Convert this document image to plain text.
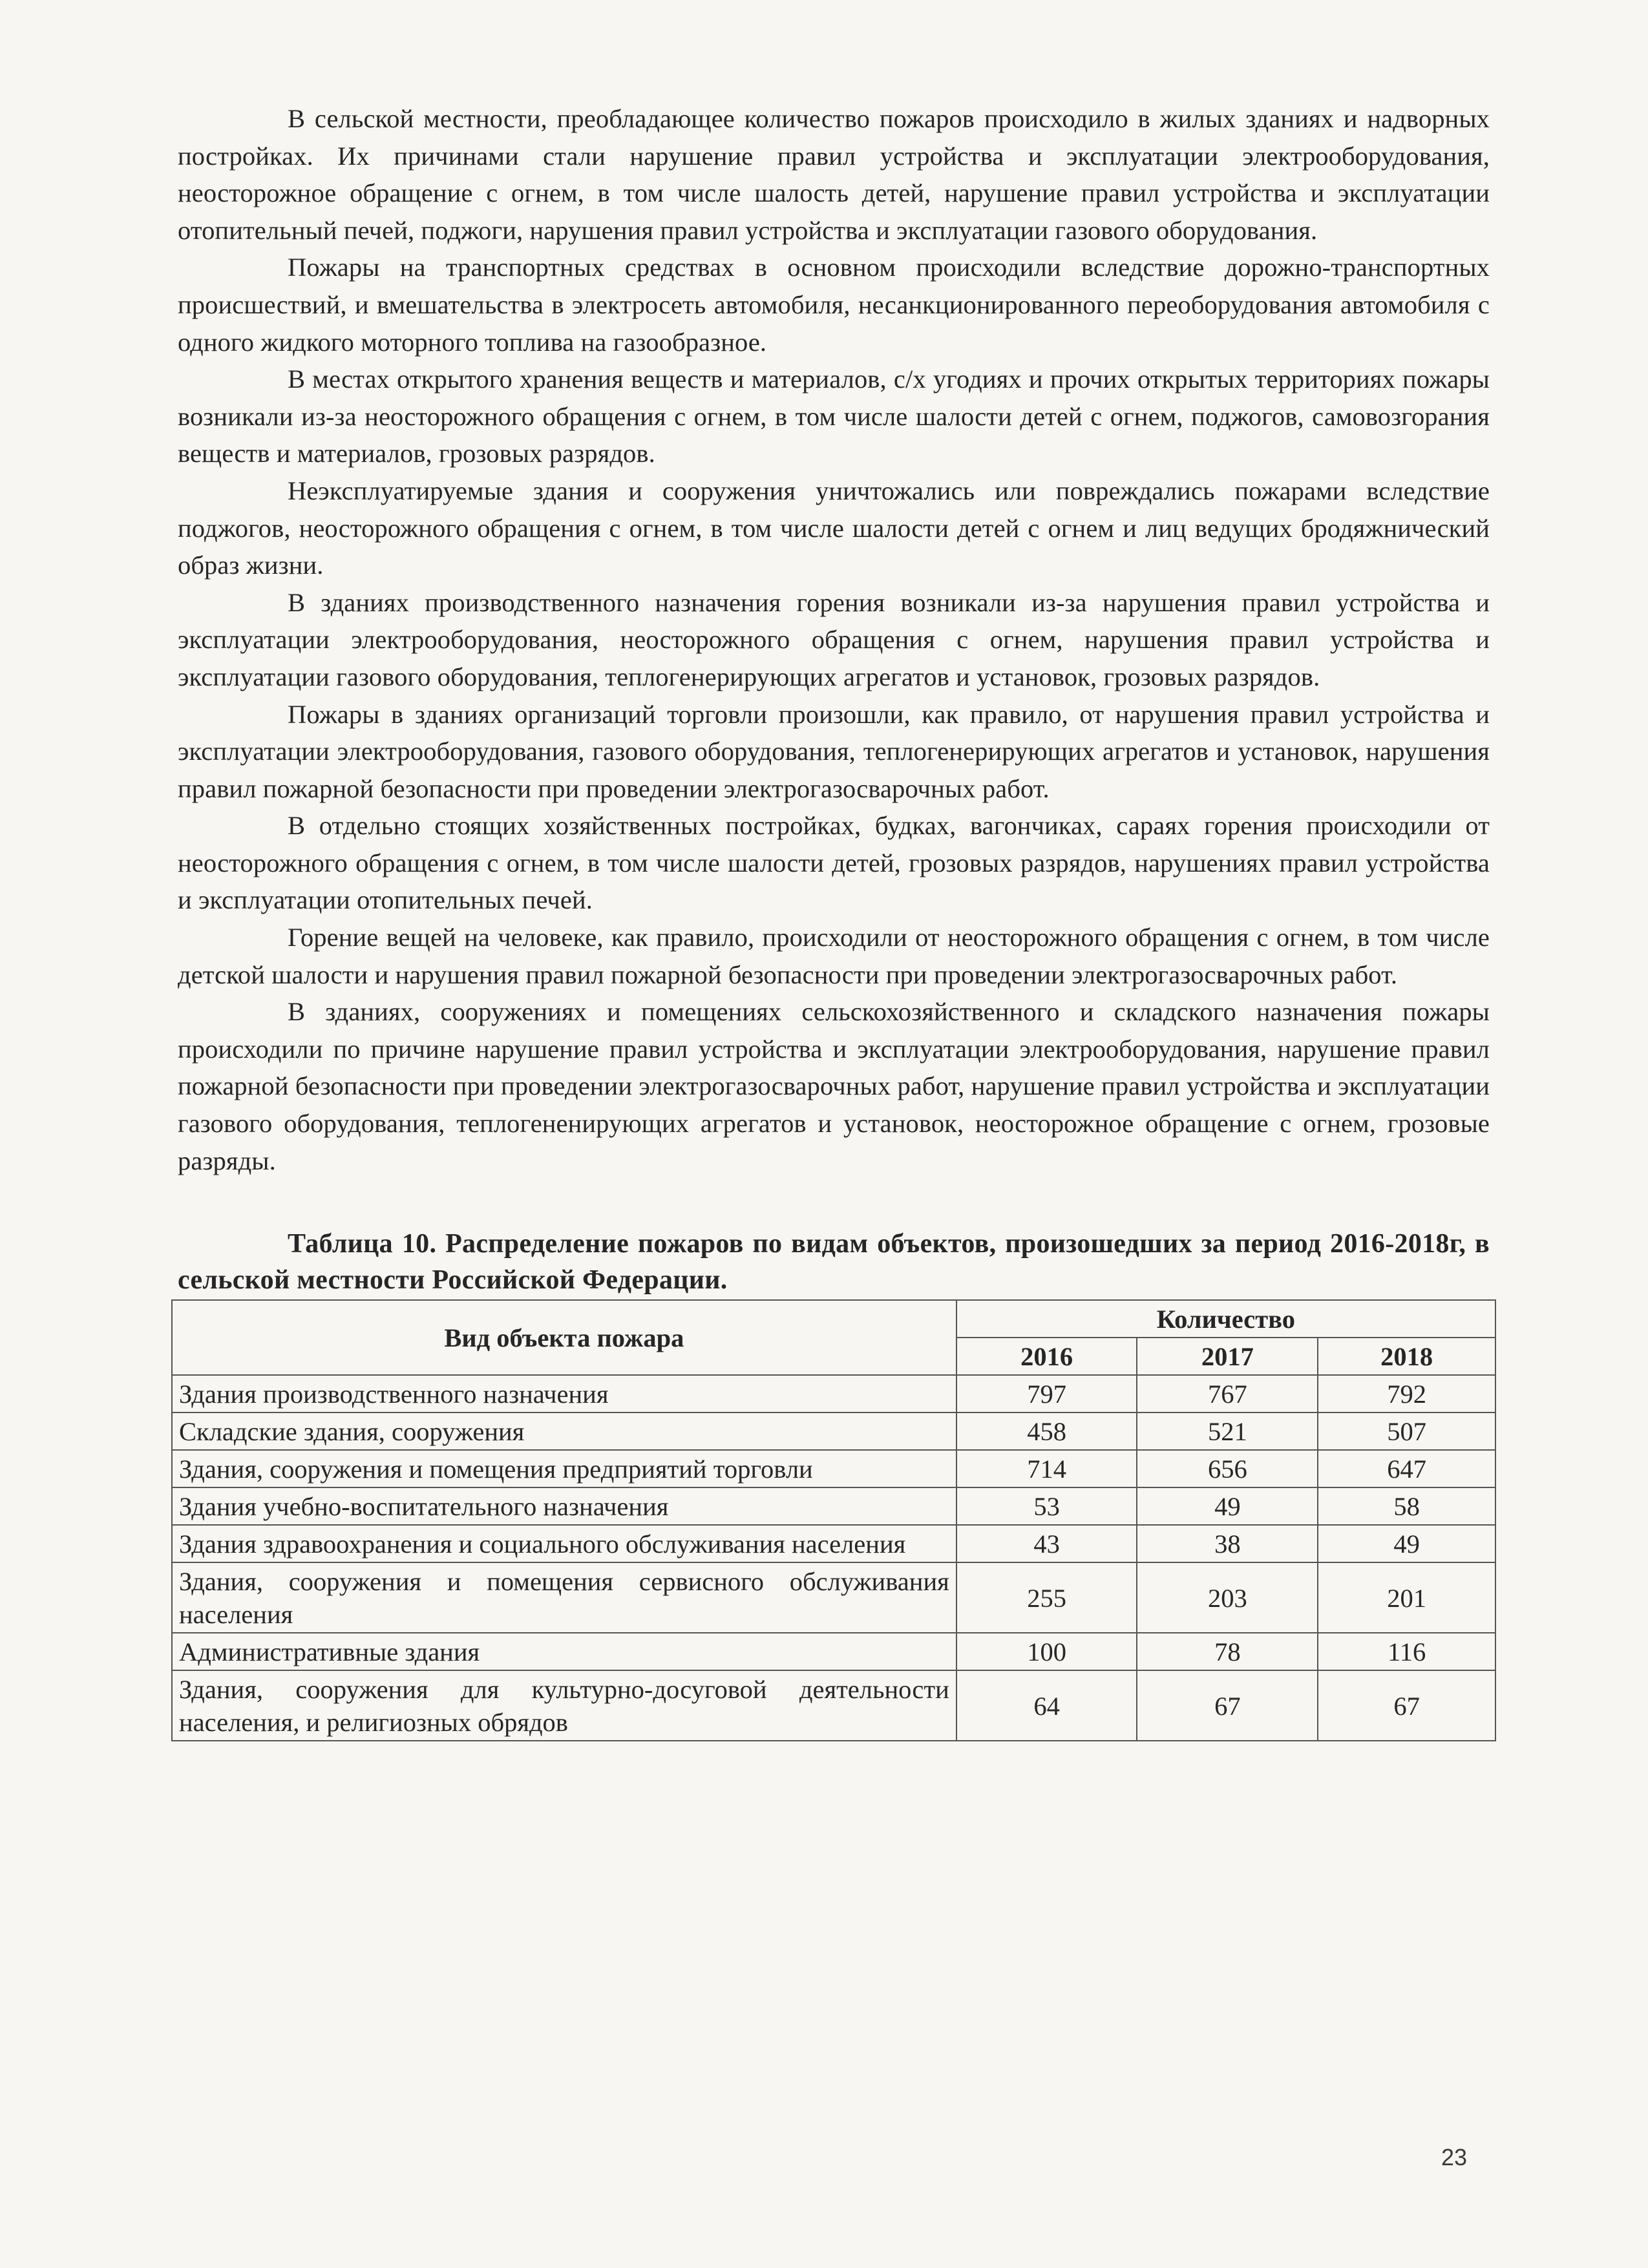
В сельской местности, преобладающее количество пожаров происходило в жилых зданиях и надворных постройках. Их причинами стали нарушение правил устройства и эксплуатации электрооборудования, неосторожное обращение с огнем, в том числе шалость детей, нарушение правил устройства и эксплуатации отопительный печей, поджоги, нарушения правил устройства и эксплуатации газового оборудования.

Пожары на транспортных средствах в основном происходили вследствие дорожно-транспортных происшествий, и вмешательства в электросеть автомобиля, несанкционированного переоборудования автомобиля с одного жидкого моторного топлива на газообразное.

В местах открытого хранения веществ и материалов, с/х угодиях и прочих открытых территориях пожары возникали из-за неосторожного обращения с огнем, в том числе шалости детей с огнем, поджогов, самовозгорания веществ и материалов, грозовых разрядов.

Неэксплуатируемые здания и сооружения уничтожались или повреждались пожарами вследствие поджогов, неосторожного обращения с огнем, в том числе шалости детей с огнем и лиц ведущих бродяжнический образ жизни.

В зданиях производственного назначения горения возникали из-за нарушения правил устройства и эксплуатации электрооборудования, неосторожного обращения с огнем, нарушения правил устройства и эксплуатации газового оборудования, теплогенерирующих агрегатов и установок, грозовых разрядов.

Пожары в зданиях организаций торговли произошли, как правило, от нарушения правил устройства и эксплуатации электрооборудования, газового оборудования, теплогенерирующих агрегатов и установок, нарушения правил пожарной безопасности при проведении электрогазосварочных работ.

В отдельно стоящих хозяйственных постройках, будках, вагончиках, сараях горения происходили от неосторожного обращения с огнем, в том числе шалости детей, грозовых разрядов, нарушениях правил устройства и эксплуатации отопительных печей.

Горение вещей на человеке, как правило, происходили от неосторожного обращения с огнем, в том числе детской шалости и нарушения правил пожарной безопасности при проведении электрогазосварочных работ.

В зданиях, сооружениях и помещениях сельскохозяйственного и складского назначения пожары происходили по причине нарушение правил устройства и эксплуатации электрооборудования, нарушение правил пожарной безопасности при проведении электрогазосварочных работ, нарушение правил устройства и эксплуатации газового оборудования, теплогененирующих агрегатов и установок, неосторожное обращение с огнем, грозовые разряды.

Таблица 10. Распределение пожаров по видам объектов, произошедших за период 2016-2018г, в сельской местности Российской Федерации.
Вид объекта пожара	Количество		
	2016	2017	2018
Здания производственного назначения	797	767	792
Складские здания, сооружения	458	521	507
Здания, сооружения и помещения предприятий торговли	714	656	647
Здания учебно-воспитательного назначения	53	49	58
Здания здравоохранения и социального обслуживания населения	43	38	49
Здания, сооружения и помещения сервисного обслуживания населения	255	203	201
Административные здания	100	78	116
Здания, сооружения для культурно-досуговой деятельности населения, и религиозных обрядов	64	67	67
23
